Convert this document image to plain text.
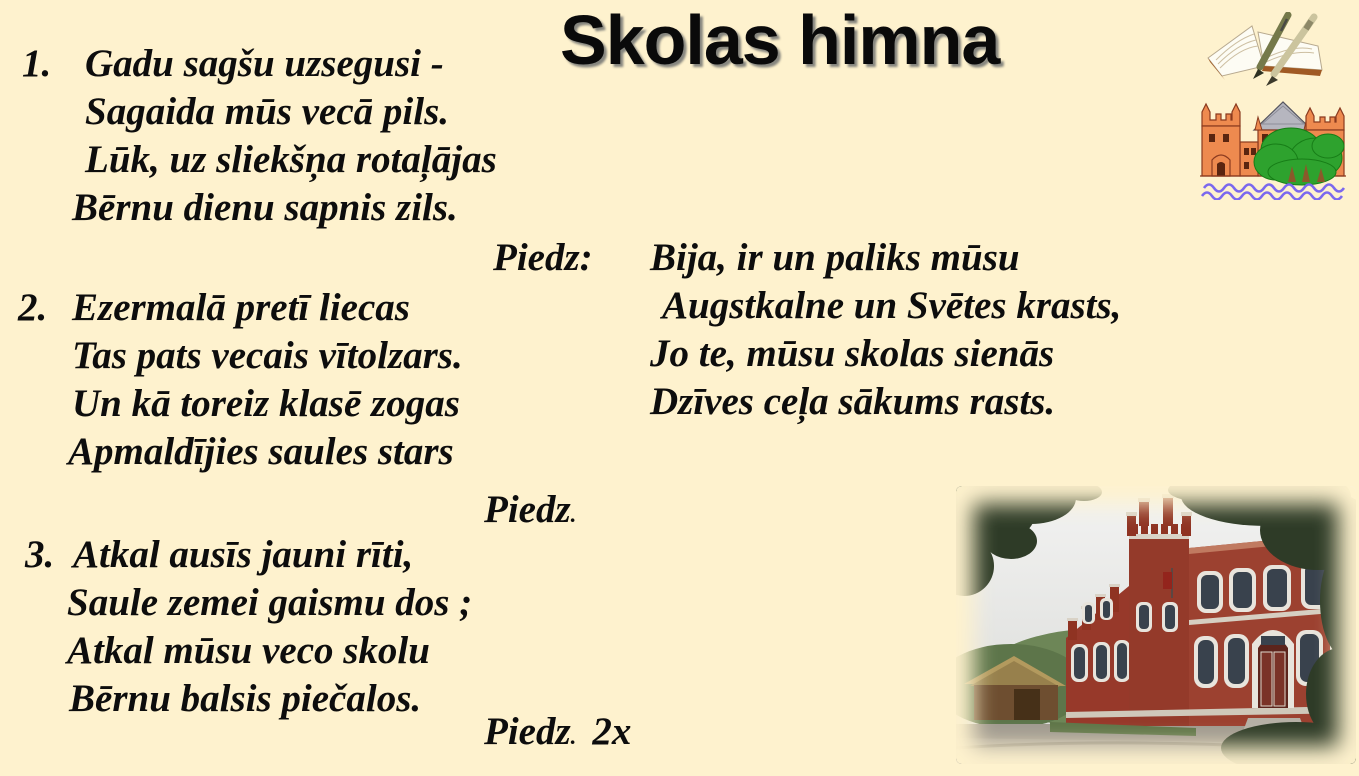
Skolas himna
1. Gadu sagšu uzsegusi -
Sagaida mūs vecā pils.
Lūk, uz sliekšņa rotaļājas
Bērnu dienu sapnis zils.
Piedz: Bija, ir un paliks mūsu
Augstkalne un Svētes krasts,
Jo te, mūsu skolas sienās
Dzīves ceļa sākums rasts.
2. Ezermalā pretī liecas
Tas pats vecais vītolzars.
Un kā toreiz klasē zogas
Apmaldījies saules stars
Piedz.
3. Atkal ausīs jauni rīti,
Saule zemei gaismu dos ;
Atkal mūsu veco skolu
Bērnu balsis piečalos.
Piedz. 2x
